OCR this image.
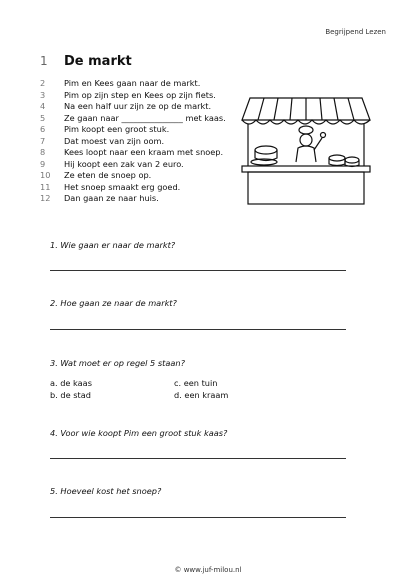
Begrijpend Lezen
1	De markt
2	Pim en Kees gaan naar de markt.
3	Pim op zijn step en Kees op zijn fiets.
4	Na een half uur zijn ze op de markt.
5	Ze gaan naar _______________ met kaas.
6	Pim koopt een groot stuk.
7	Dat moest van zijn oom.
8	Kees loopt naar een kraam met snoep.
9	Hij koopt een zak van 2 euro.
10	Ze eten de snoep op.
11	Het snoep smaakt erg goed.
12	Dan gaan ze naar huis.
1. Wie gaan er naar de markt?
2. Hoe gaan ze naar de markt?
3. Wat moet er op regel 5 staan?
a. de kaas	c. een tuin
b. de stad	d. een kraam
4. Voor wie koopt Pim een groot stuk kaas?
5. Hoeveel kost het snoep?
© www.juf-milou.nl
